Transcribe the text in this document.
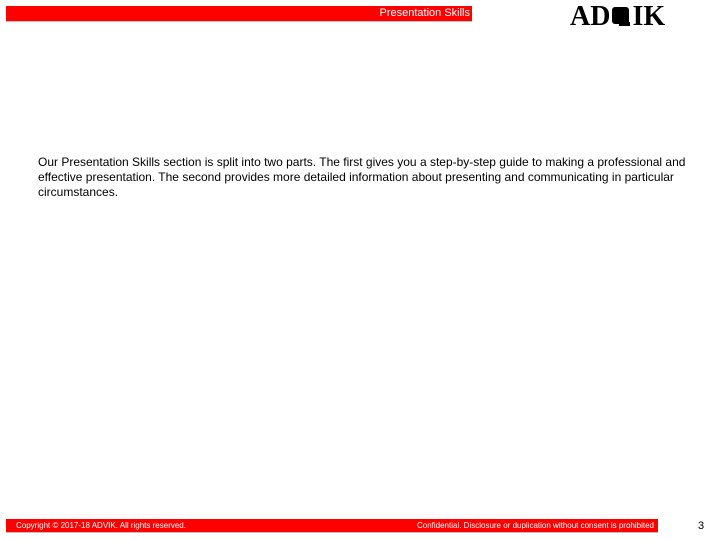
Presentation Skills	AD IK
Our Presentation Skills section is split into two parts. The first gives you a step-by-step guide to making a professional and effective presentation. The second provides more detailed information about presenting and communicating in particular circumstances.
Copyright © 2017-18 ADVIK. All rights reserved.	Confidential. Disclosure or duplication without consent is prohibited	3
